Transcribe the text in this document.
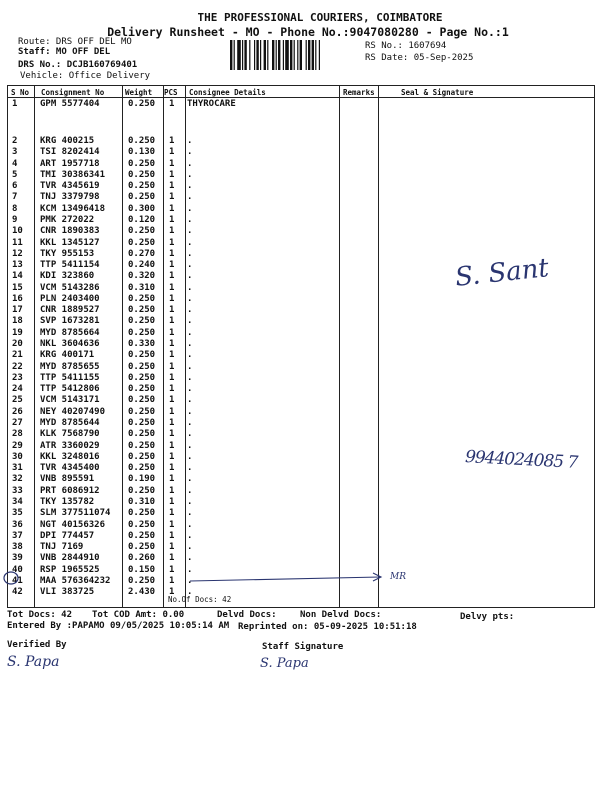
THE PROFESSIONAL COURIERS, COIMBATORE
Delivery Runsheet - MO - Phone No.:9047080280 - Page No.:1
Route: DRS OFF DEL MO
Staff: MO OFF DEL
DRS No.: DCJB160769401
Vehicle: Office Delivery
RS No.: 1607694
RS Date: 05-Sep-2025
S No Consignment No	Weight PCS Consignee Details	Remarks	Seal & Signature
No.Of Docs: 42
1	GPM 5577404	0.250 1 THYROCARE
2	KRG 400215	0.250 1 .
3	TSI 8202414	0.130 1 .
4	ART 1957718	0.250 1 .
5	TMI 30386341	0.250 1 .
6	TVR 4345619	0.250 1 .
7	TNJ 3379798	0.250 1 .
8	KCM 13496418	0.300 1 .
9	PMK 272022	0.120 1 .
10 CNR 1890383	0.250 1 .
11 KKL 1345127	0.250 1 .
12 TKY 955153	0.270 1 .
13 TTP 5411154	0.240 1 .
14 KDI 323860	0.320 1 .
15 VCM 5143286	0.310 1 .
16 PLN 2403400	0.250 1 .
17 CNR 1889527	0.250 1 .
18 SVP 1673281	0.250 1 .
19 MYD 8785664	0.250 1 .
20 NKL 3604636	0.330 1 .
21 KRG 400171	0.250 1 .
22 MYD 8785655	0.250 1 .
23 TTP 5411155	0.250 1 .
24 TTP 5412806	0.250 1 .
25 VCM 5143171	0.250 1 .
26 NEY 40207490	0.250 1 .
27 MYD 8785644	0.250 1 .
28 KLK 7568790	0.250 1 .
29 ATR 3360029	0.250 1 .
30 KKL 3248016	0.250 1 .
31 TVR 4345400	0.250 1 .
32 VNB 895591	0.190 1 .
33 PRT 6086912	0.250 1 .
34 TKY 135782	0.310 1 .
35 SLM 377511074 0.250 1 .
36 NGT 40156326	0.250 1 .
37 DPI 774457	0.250 1 .
38 TNJ 7169	0.250 1 .
39 VNB 2844910	0.260 1 .
40 RSP 1965525	0.150 1 .
41 MAA 576364232 0.250 1 .
42 VLI 383725	2.430 1 .
S. Sant
9944024085 7
MR
Tot Docs: 42 Tot COD Amt: 0.00	Delvd Docs:	Non Delvd Docs:	Delvy pts:
Entered By :PAPAMO 09/05/2025 10:05:14 AM Reprinted on: 05-09-2025 10:51:18
Verified By	Staff Signature
S. Papa	S. Papa
